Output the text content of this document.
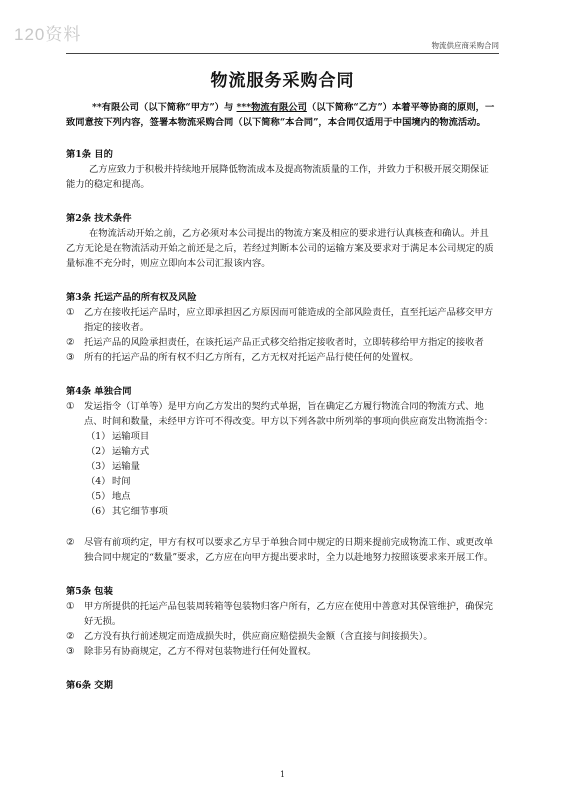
120资料
物流供应商采购合同
物流服务采购合同

**有限公司（以下简称“甲方”）与 ***物流有限公司（以下简称“乙方”）本着平等协商的原则，一致同意按下列内容，签署本物流采购合同（以下简称“本合同”，本合同仅适用于中国境内的物流活动。

第1条 目的

乙方应致力于积极并持续地开展降低物流成本及提高物流质量的工作，并致力于积极开展交期保证能力的稳定和提高。

第2条 技术条件

在物流活动开始之前，乙方必须对本公司提出的物流方案及相应的要求进行认真核查和确认。并且乙方无论是在物流活动开始之前还是之后，若经过判断本公司的运输方案及要求对于满足本公司规定的质量标准不充分时，则应立即向本公司汇报该内容。

第3条 托运产品的所有权及风险

① 乙方在接收托运产品时，应立即承担因乙方原因而可能造成的全部风险责任，直至托运产品移交甲方指定的接收者。

② 托运产品的风险承担责任，在该托运产品正式移交给指定接收者时，立即转移给甲方指定的接收者

③ 所有的托运产品的所有权不归乙方所有，乙方无权对托运产品行使任何的处置权。

第4条 单独合同

① 发运指令（订单等）是甲方向乙方发出的契约式单据，旨在确定乙方履行物流合同的物流方式、地点、时间和数量，未经甲方许可不得改变。甲方以下列各款中所列举的事项向供应商发出物流指令：

（1） 运输项目

（2） 运输方式

（3） 运输量

（4） 时间

（5） 地点

（6） 其它细节事项

② 尽管有前项约定，甲方有权可以要求乙方早于单独合同中规定的日期来提前完成物流工作、或更改单独合同中规定的“数量”要求，乙方应在向甲方提出要求时，全力以赴地努力按照该要求来开展工作。

第5条 包装

① 甲方所提供的托运产品包装周转箱等包装物归客户所有，乙方应在使用中善意对其保管维护，确保完好无损。

② 乙方没有执行前述规定而造成损失时，供应商应赔偿损失金额（含直接与间接损失）。

③ 除非另有协商规定，乙方不得对包装物进行任何处置权。

第6条 交期

1
